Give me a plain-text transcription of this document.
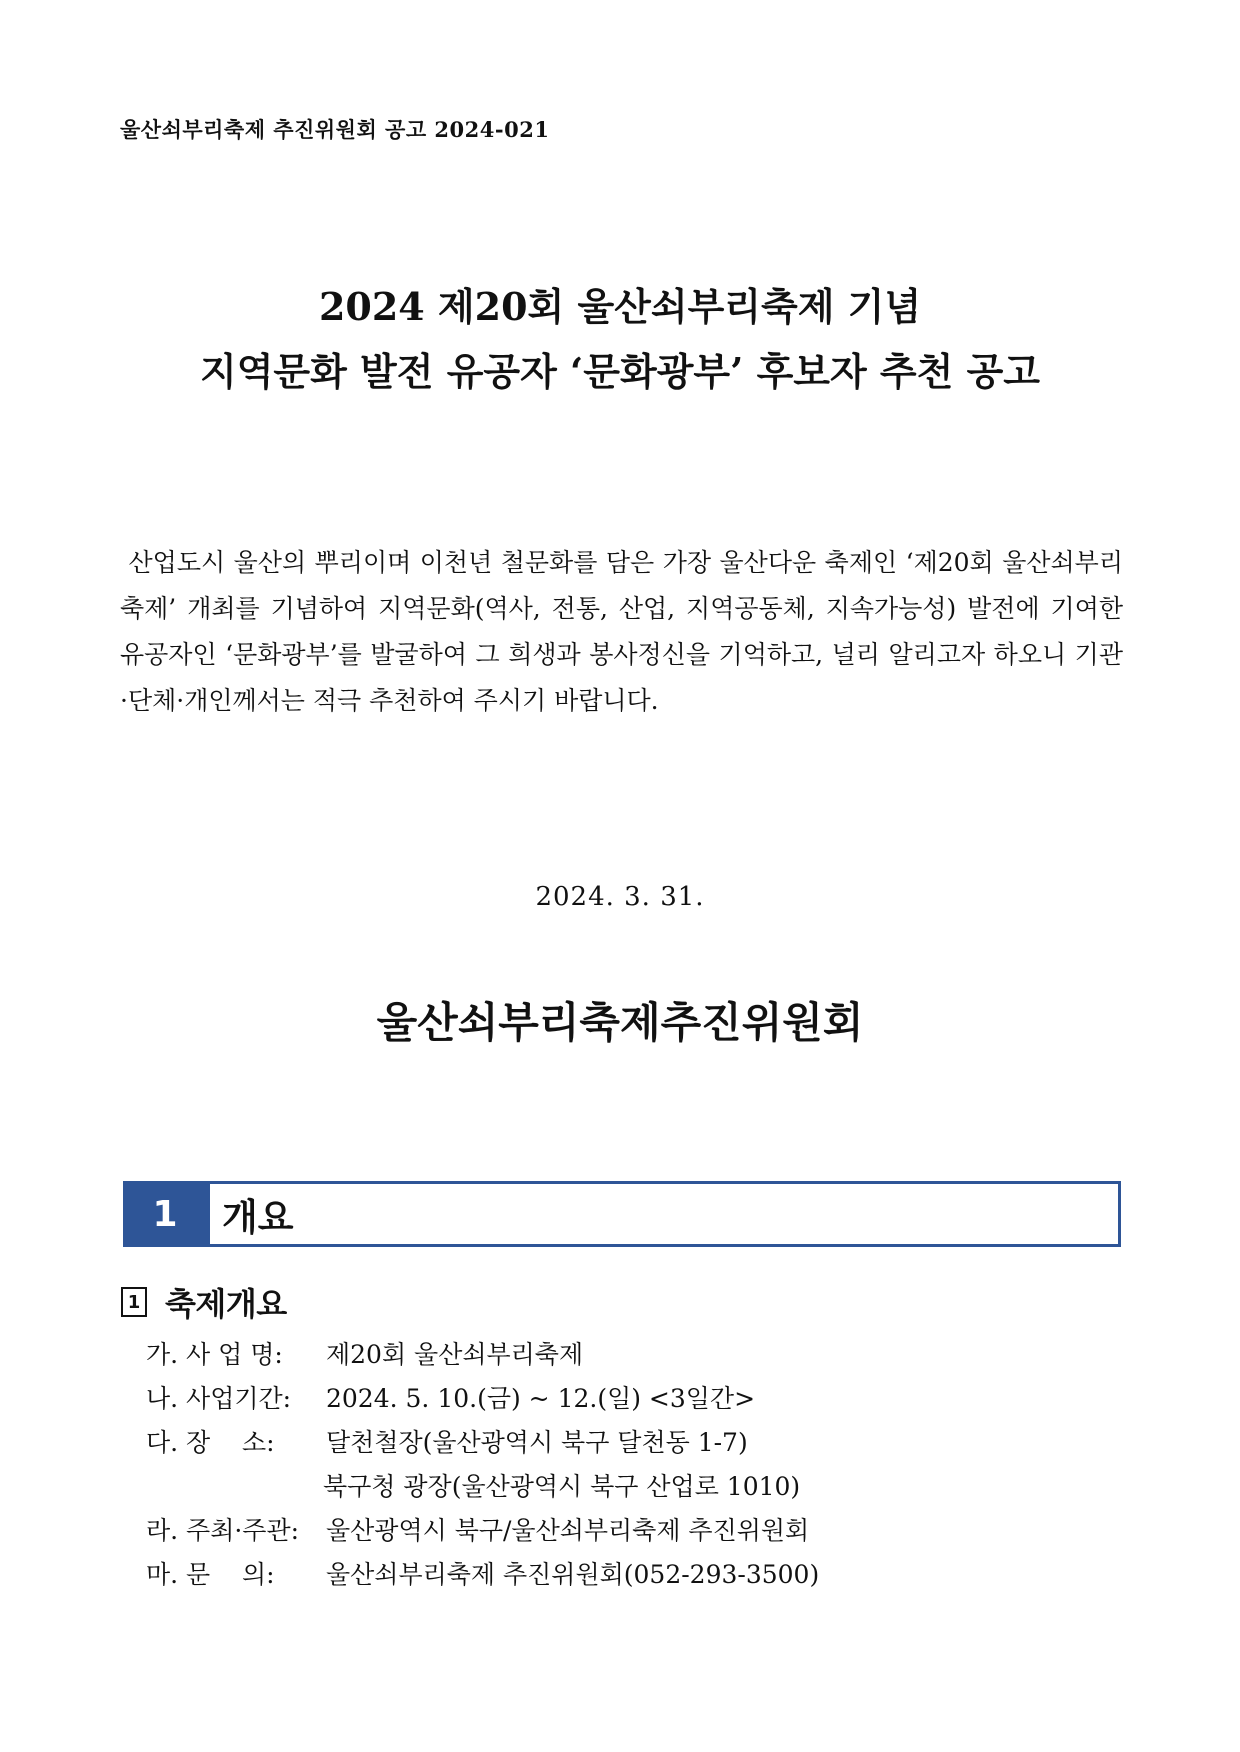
울산쇠부리축제 추진위원회 공고 2024-021
2024 제20회 울산쇠부리축제 기념
지역문화 발전 유공자 ‘문화광부’ 후보자 추천 공고
산업도시 울산의 뿌리이며 이천년 철문화를 담은 가장 울산다운 축제인 ‘제20회 울산쇠부리축제’ 개최를 기념하여 지역문화(역사, 전통, 산업, 지역공동체, 지속가능성) 발전에 기여한 유공자인 ‘문화광부’를 발굴하여 그 희생과 봉사정신을 기억하고, 널리 알리고자 하오니 기관·단체·개인께서는 적극 추천하여 주시기 바랍니다.
2024. 3. 31.
울산쇠부리축제추진위원회
1	개요
1 축제개요
가. 사 업 명: 제20회 울산쇠부리축제
나. 사업기간: 2024. 5. 10.(금) ~ 12.(일) <3일간>
다. 장    소: 달천철장(울산광역시 북구 달천동 1-7)
북구청 광장(울산광역시 북구 산업로 1010)
라. 주최·주관: 울산광역시 북구/울산쇠부리축제 추진위원회
마. 문    의: 울산쇠부리축제 추진위원회(052-293-3500)
